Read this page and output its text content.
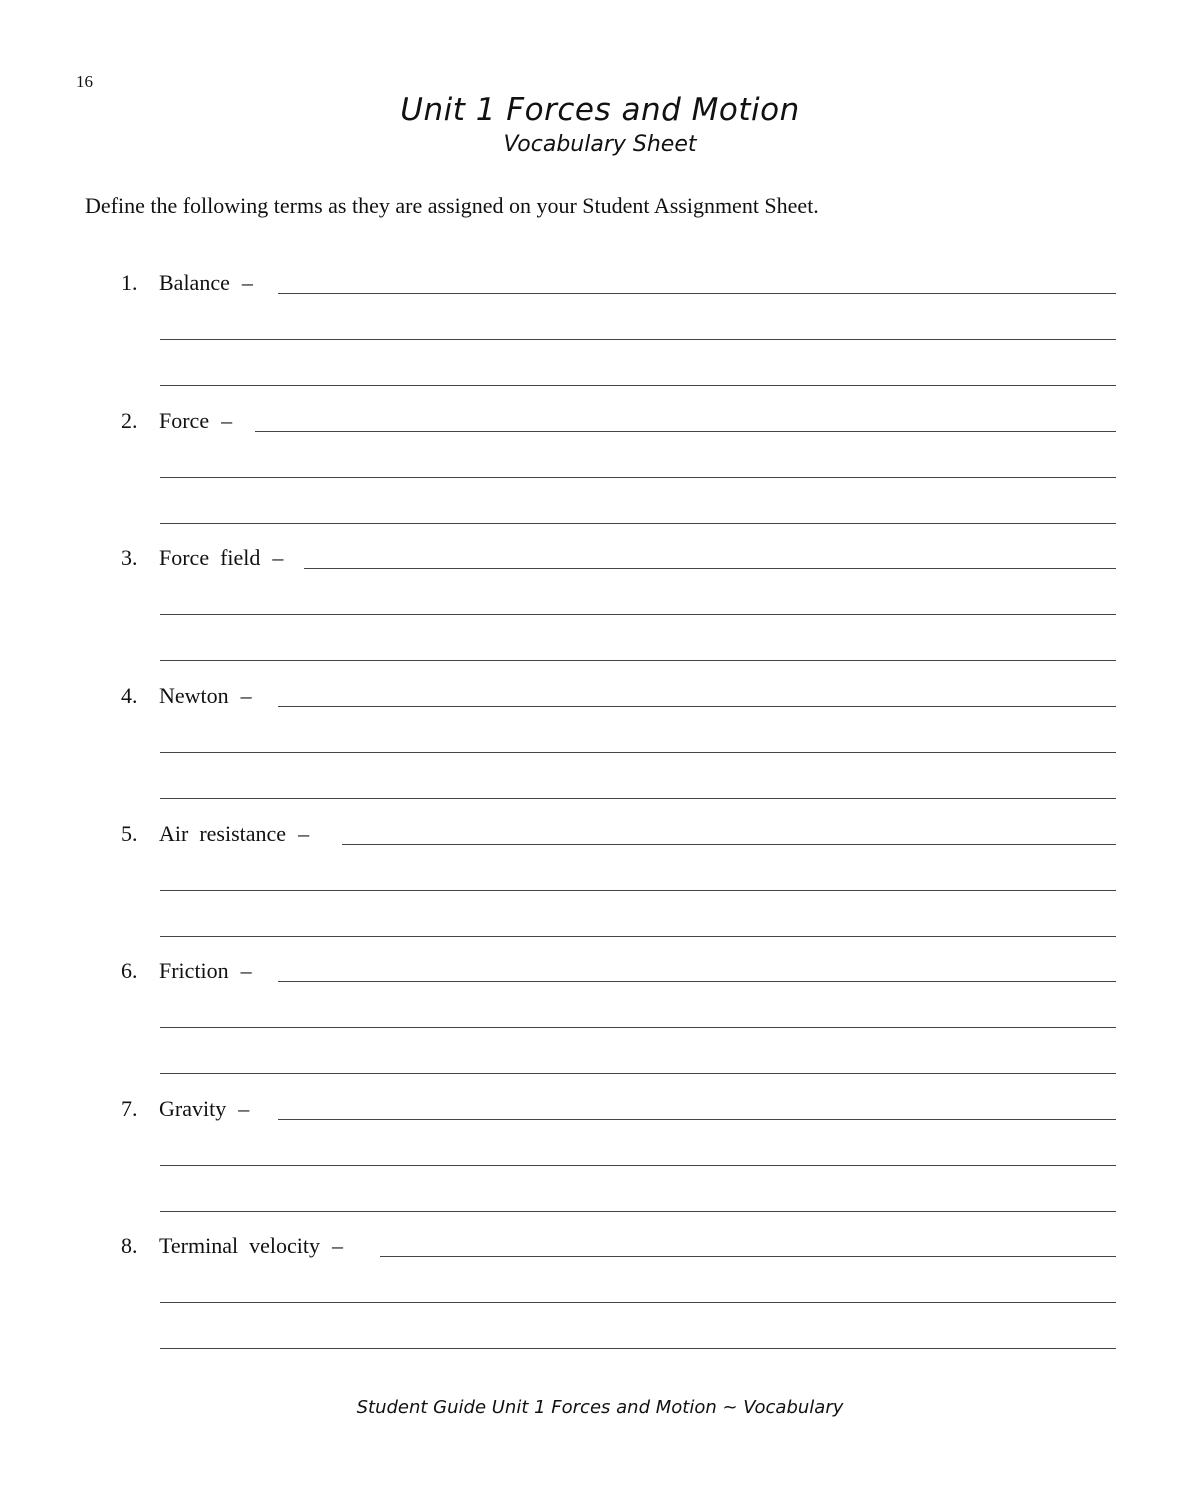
16
Unit 1 Forces and Motion
Vocabulary Sheet
Define the following terms as they are assigned on your Student Assignment Sheet.
1. Balance –
2. Force –
3. Force  field –
4. Newton –
5. Air  resistance –
6. Friction –
7. Gravity –
8. Terminal  velocity –
Student Guide Unit 1 Forces and Motion ~ Vocabulary
